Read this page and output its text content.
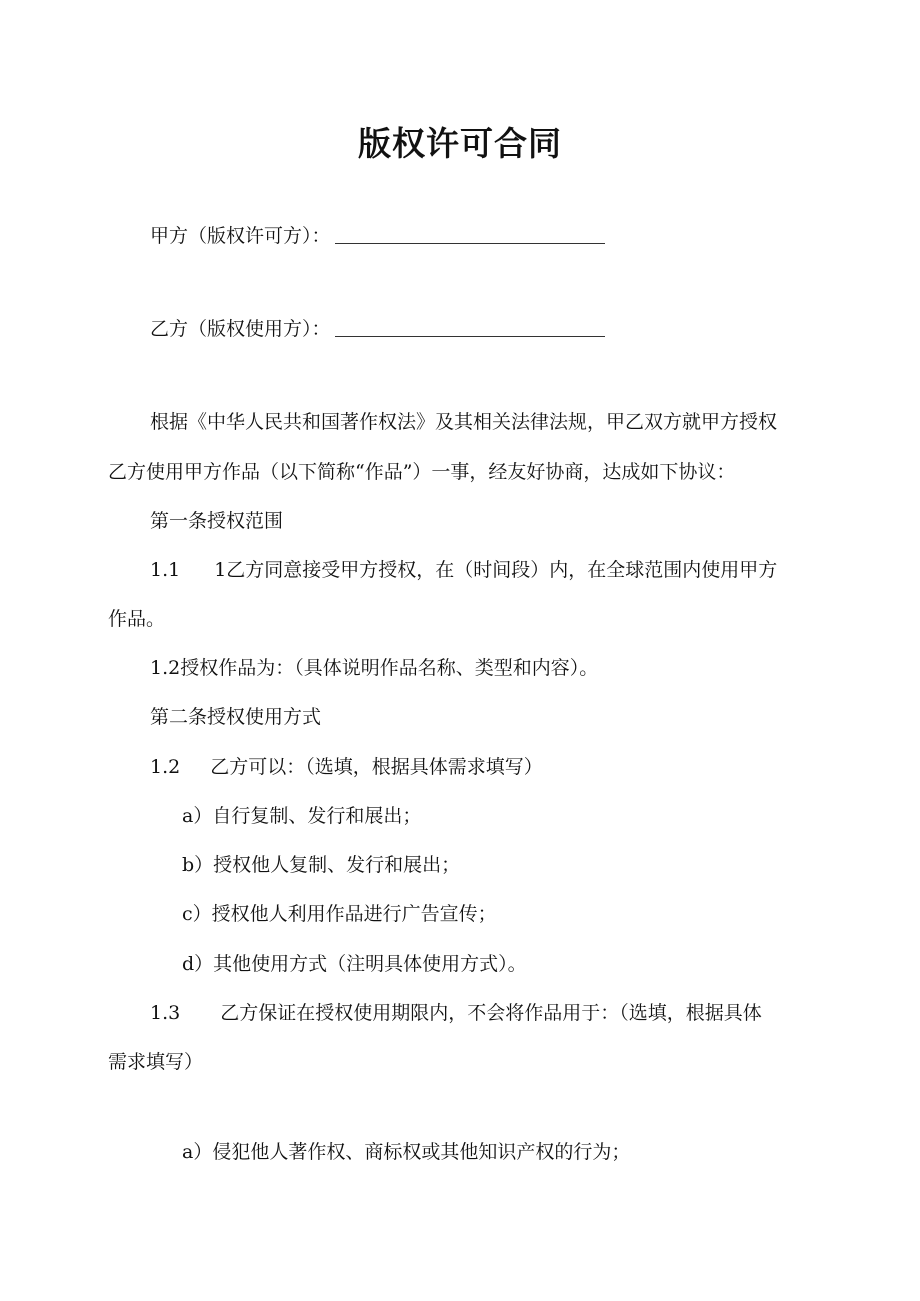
版权许可合同
甲方（版权许可方）：
乙方（版权使用方）：
根据《中华人民共和国著作权法》及其相关法律法规，甲乙双方就甲方授权
乙方使用甲方作品（以下简称“作品”）一事，经友好协商，达成如下协议：
第一条授权范围
1.1 1乙方同意接受甲方授权，在（时间段）内，在全球范围内使用甲方
作品。
1.2授权作品为：（具体说明作品名称、类型和内容）。
第二条授权使用方式
1.2 乙方可以：（选填，根据具体需求填写）
a）自行复制、发行和展出；
b）授权他人复制、发行和展出；
c）授权他人利用作品进行广告宣传；
d）其他使用方式（注明具体使用方式）。
1.3 乙方保证在授权使用期限内，不会将作品用于：（选填，根据具体
需求填写）
a）侵犯他人著作权、商标权或其他知识产权的行为；
